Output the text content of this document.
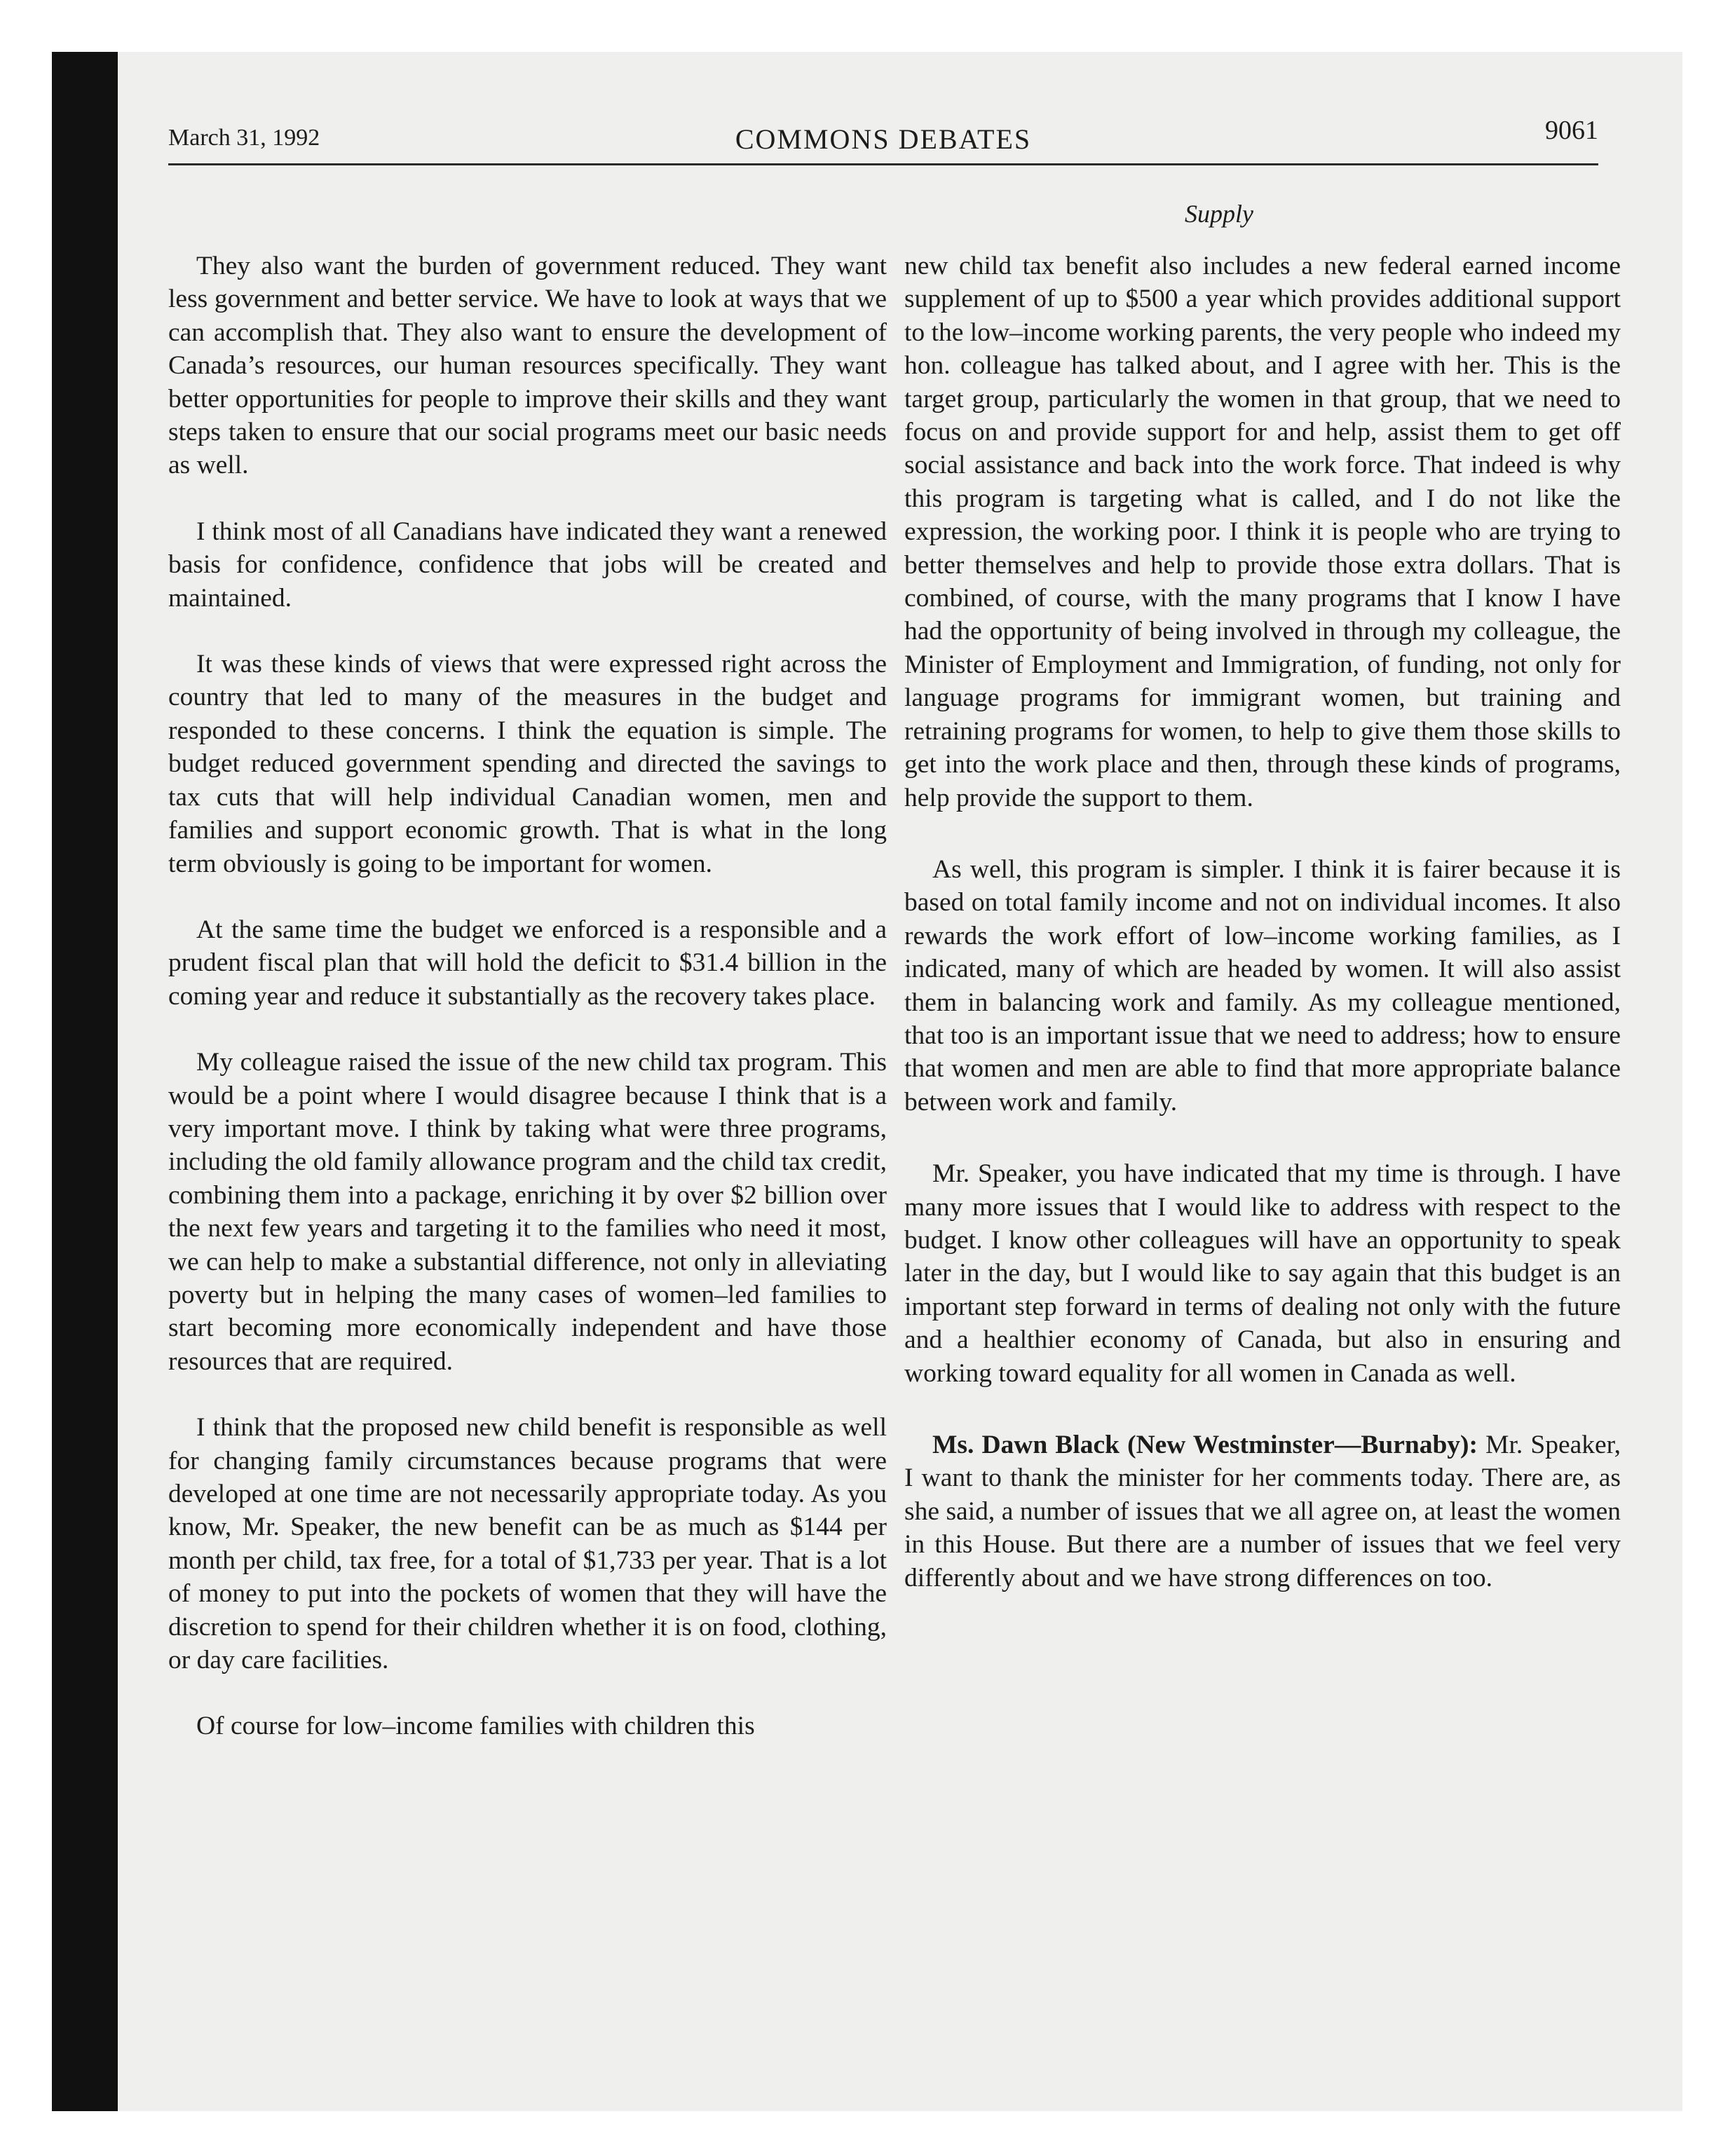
March 31, 1992	COMMONS DEBATES	9061
Supply

They also want the burden of government reduced. They want less government and better service. We have to look at ways that we can accomplish that. They also want to ensure the development of Canada’s resources, our human resources specifically. They want better opportunities for people to improve their skills and they want steps taken to ensure that our social programs meet our basic needs as well.

I think most of all Canadians have indicated they want a renewed basis for confidence, confidence that jobs will be created and maintained.

It was these kinds of views that were expressed right across the country that led to many of the measures in the budget and responded to these concerns. I think the equation is simple. The budget reduced government spending and directed the savings to tax cuts that will help individual Canadian women, men and families and support economic growth. That is what in the long term obviously is going to be important for women.

At the same time the budget we enforced is a responsible and a prudent fiscal plan that will hold the deficit to $31.4 billion in the coming year and reduce it substantially as the recovery takes place.

My colleague raised the issue of the new child tax program. This would be a point where I would disagree because I think that is a very important move. I think by taking what were three programs, including the old family allowance program and the child tax credit, combining them into a package, enriching it by over $2 billion over the next few years and targeting it to the families who need it most, we can help to make a substantial difference, not only in alleviating poverty but in helping the many cases of women–led families to start becoming more economically independent and have those resources that are required.

I think that the proposed new child benefit is responsible as well for changing family circumstances because programs that were developed at one time are not necessarily appropriate today. As you know, Mr. Speaker, the new benefit can be as much as $144 per month per child, tax free, for a total of $1,733 per year. That is a lot of money to put into the pockets of women that they will have the discretion to spend for their children whether it is on food, clothing, or day care facilities.

Of course for low–income families with children this

new child tax benefit also includes a new federal earned income supplement of up to $500 a year which provides additional support to the low–income working parents, the very people who indeed my hon. colleague has talked about, and I agree with her. This is the target group, particularly the women in that group, that we need to focus on and provide support for and help, assist them to get off social assistance and back into the work force. That indeed is why this program is targeting what is called, and I do not like the expression, the working poor. I think it is people who are trying to better themselves and help to provide those extra dollars. That is combined, of course, with the many programs that I know I have had the opportunity of being involved in through my colleague, the Minister of Employment and Immigration, of funding, not only for language programs for immigrant women, but training and retraining programs for women, to help to give them those skills to get into the work place and then, through these kinds of programs, help provide the support to them.

As well, this program is simpler. I think it is fairer because it is based on total family income and not on individual incomes. It also rewards the work effort of low–income working families, as I indicated, many of which are headed by women. It will also assist them in balancing work and family. As my colleague mentioned, that too is an important issue that we need to address; how to ensure that women and men are able to find that more appropriate balance between work and family.

Mr. Speaker, you have indicated that my time is through. I have many more issues that I would like to address with respect to the budget. I know other colleagues will have an opportunity to speak later in the day, but I would like to say again that this budget is an important step forward in terms of dealing not only with the future and a healthier economy of Canada, but also in ensuring and working toward equality for all women in Canada as well.

Ms. Dawn Black (New Westminster—Burnaby): Mr. Speaker, I want to thank the minister for her comments today. There are, as she said, a number of issues that we all agree on, at least the women in this House. But there are a number of issues that we feel very differently about and we have strong differences on too.
